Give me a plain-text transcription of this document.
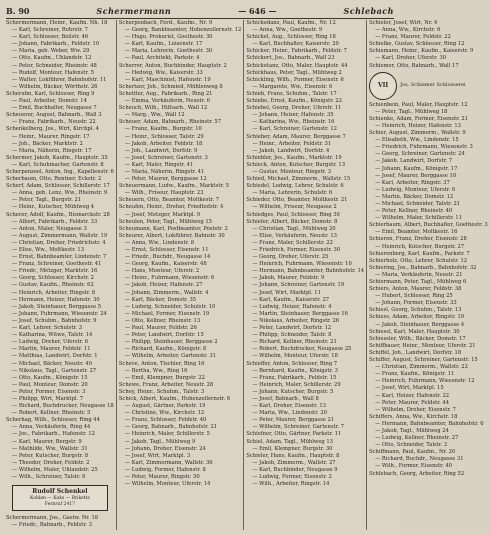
B. 90	Schermermann	— 646 —	Schlebach
Schermermann, Heinr., Kaufm. Nh. 18
— Karl, Schreiner, Rohrstr. 7
— Karl, Schlosser, Beilstr. 46
— Johann, Fabrikarb., Feldstr. 10
— Maria, geb. Weber, Ww. 29
— Otto, Kaufm., Uhlandstr. 12
— Peter, Schneider, Rheinstr. 48
— Rudolf, Monteur, Hafenstr. 5
— Walter, Lokführer, Bahnhofstr. 11
— Wilhelm, Bäcker, Wörthstr. 26
Scheruhn, Karl, Schlosser, Ring 9
— Paul, Arbeiter, Domstr. 14
— Emil, Buchhalter, Neugasse 7
Scheuerer, August, Bahnarb., Wall 3
— Franz, Fabrikarb., Neustr. 22
Schenkelberg, Jos., Wirt, Kirchpl. 4
— Heinr., Maurer, Ringstr. 17
— Joh., Bäcker, Marktstr. 2
— Maria, Näherin, Ringstr. 17
Schermer, Jakob, Kaufm., Hauptstr. 35
— Karl, Schuhmacher, Gartenstr. 8
Scherpenzeel, Anton, Ing., Kapellenstr. 6
Scherbaum, Otto, Rentner, Eckstr. 2
Scherf, Adam, Schlosser, Schillerstr. 17
— Anna, geb. Lenz, Ww., Rheinstr. 9
— Peter, Tagl., Burgstr. 21
— Heinr., Kutscher, Mühlweg 4
Scherer, Adolf, Kaufm., Bismarckstr. 28
— Albert, Fabrikarb., Feldstr. 33
— Anton, Maler, Neugasse 3
— August, Zimmermann, Wallstr. 19
— Christian, Dreher, Friedrichstr. 4
— Elise, Ww., Moltkestr. 13
— Ernst, Bahnbeamter, Lindenstr. 7
— Franz, Schreiner, Goethestr. 41
— Friedr., Metzger, Marktstr. 16
— Georg, Schlosser, Kirchstr. 2
— Gustav, Kaufm., Rheinstr. 62
— Heinrich, Arbeiter, Ringstr. 8
— Hermann, Heizer, Hafenstr. 30
— Jakob, Steinhauer, Berggasse 5
— Johann, Fuhrmann, Wiesenstr. 24
— Josef, Schuhm., Bahnhofstr. 9
— Karl, Lehrer, Schulstr. 3
— Katharina, Witwe, Talstr. 14
— Ludwig, Dreher, Uferstr. 6
— Martin, Maurer, Feldstr. 11
— Matthias, Landwirt, Dorfstr. 1
— Michael, Bäcker, Neustr. 40
— Nikolaus, Tagl., Gartenstr. 27
— Otto, Kaufm., Königstr. 15
— Paul, Monteur, Domstr. 20
— Peter, Former, Eisenstr. 3
— Philipp, Wirt, Marktpl. 7
— Richard, Buchdrucker, Neugasse 18
— Robert, Kellner, Rheinstr. 5
Scherhag, Wilh., Schlosser, Ring 44
— Anna, Verkäuferin, Ring 44
— Jos., Fabrikarb., Hafenstr. 12
— Karl, Maurer, Bergstr. 9
— Mathilde, Ww., Wallstr. 31
— Peter, Kutscher, Burgstr. 8
— Theodor, Dreher, Feldstr. 2
— Wilhelm, Maler, Uhlandstr. 25
— Wilh., Schreiner, Talstr. 6
Rudolf Schenkel
Kohlen — Koks — Briketts
Fernruf 2417
Schermermann, Jos., Gastw. Nr. 18
— Friedr., Bahnarb., Feldstr. 3
Scherpenbach, Ferd., Kaufm., Nr. 9
— Georg, Bankbeamter, Hohenzollernstr. 12
— Hugo, Prokurist, Goethestr. 30
— Karl, Kaufm., Luisenstr. 17
— Maria, Lehrerin, Goethestr. 30
— Paul, Architekt, Parkstr. 4
Scherrer, Anton, Buchbinder, Hauptstr. 2
— Hedwig, Ww., Kaiserstr. 33
— Karl, Maschinist, Hafenstr. 19
Schertzer, Joh., Schmied, Mühlenweg 8
Schettler, Aug., Fabrikarb., Ring 21
— Emma, Verkäuferin, Neustr. 6
Scheuch, Wilh., Hilfsarb., Wall 12
— Marg., Ww., Wall 12
Scheuer, Adam, Bahnarb., Rheinstr. 57
— Franz, Kaufm., Burgstr. 10
— Heinr., Schlosser, Talstr. 29
— Jakob, Arbeiter, Feldstr. 18
— Joh., Landwirt, Dorfstr. 9
— Josef, Schreiner, Gartenstr. 3
— Karl, Maler, Ringstr. 41
— Maria, Näherin, Ringstr. 41
— Peter, Maurer, Berggasse 12
Scheuermann, Ludw., Kaufm., Marktstr. 5
— Wilh., Friseur, Hauptstr. 23
Scheuern, Otto, Beamter, Moltkestr. 7
Scheufen, Heinr., Dreher, Friedhofstr. 4
— Josef, Metzger, Marktpl. 9
Scheulen, Peter, Tagl., Mühlweg 15
Scheumann, Karl, Postbeamter, Poststr. 2
Scheurer, Albert, Lokführer, Bahnstr. 30
— Anna, Ww., Lindenstr. 8
— Ernst, Schlosser, Eisenstr. 11
— Friedr., Buchdr., Neugasse 14
— Georg, Kaufm., Kaiserstr. 48
— Hans, Monteur, Uferstr. 2
— Heinr., Fuhrmann, Wiesenstr. 6
— Jakob, Heizer, Hafenstr. 27
— Johann, Zimmerm., Wallstr. 4
— Karl, Bäcker, Domstr. 35
— Ludwig, Schneider, Schulstr. 10
— Michael, Former, Eisenstr. 19
— Otto, Kellner, Rheinstr. 13
— Paul, Maurer, Feldstr. 26
— Peter, Landwirt, Dorfstr. 15
— Philipp, Steinhauer, Berggasse 2
— Richard, Kaufm., Königstr. 8
— Wilhelm, Arbeiter, Gartenstr. 31
Scheve, Anton, Tischler, Ring 16
— Bertha, Ww., Ring 16
— Emil, Klempner, Burgstr. 22
Schewe, Franz, Arbeiter, Neustr. 28
Schey, Heinr., Schuhm., Talstr. 3
Schick, Albert, Kaufm., Hohenzollernstr. 6
— August, Gärtner, Parkstr. 19
— Christine, Ww., Kirchstr. 12
— Franz, Schlosser, Feldstr. 40
— Georg, Bahnarb., Bahnhofstr. 21
— Heinrich, Maler, Schillerstr. 5
— Jakob, Tagl., Mühlweg 9
— Johann, Dreher, Eisenstr. 24
— Josef, Wirt, Marktpl. 3
— Karl, Zimmermann, Wallstr. 36
— Ludwig, Former, Hafenstr. 8
— Peter, Maurer, Ringstr. 50
— Wilhelm, Monteur, Uferstr. 14
Schickedanz, Paul, Kaufm., Nr. 12
— Anna, Ww., Goethestr. 9
Schickel, Aug., Schlosser, Ring 18
— Karl, Buchhalter, Kaiserstr. 20
Schicker, Heinr., Fabrikarb., Feldstr. 7
Schickert, Jos., Bahnarb., Wall 23
Schicketanz, Otto, Maler, Hauptstr. 44
Schickhaus, Peter, Tagl., Mühlweg 2
Schickling, Wilh., Former, Eisenstr. 6
— Margarete, Ww., Eisenstr. 6
Schieb, Franz, Schuhm., Talstr. 17
Schiebe, Ernst, Kaufm., Königstr. 22
Schiebel, Georg, Dreher, Uferstr. 11
— Johann, Heizer, Hafenstr. 35
— Katharina, Ww., Rheinstr. 16
— Karl, Schreiner, Gartenstr. 12
Schieber, Adam, Maurer, Berggasse 7
— Heinr., Arbeiter, Feldstr. 31
— Jakob, Landwirt, Dorfstr. 4
Schiebler, Jos., Kaufm., Marktstr. 19
Schieck, Anton, Kutscher, Burgstr. 13
— Gustav, Monteur, Ringstr. 3
Schied, Michael, Zimmerm., Wallstr. 15
Schiedel, Ludwig, Lehrer, Schulstr. 6
— Maria, Lehrerin, Schulstr. 6
Schieder, Otto, Beamter, Moltkestr. 21
— Wilhelm, Friseur, Neugasse 2
Schiedges, Paul, Schlosser, Ring 30
Schiefer, Albert, Bäcker, Domstr. 8
— Christian, Tagl., Mühlweg 20
— Elise, Verkäuferin, Neustr. 13
— Franz, Maler, Schillerstr. 22
— Friedrich, Former, Eisenstr. 30
— Georg, Dreher, Uferstr. 25
— Heinrich, Fuhrmann, Wiesenstr. 10
— Hermann, Bahnbeamter, Bahnhofstr. 14
— Jakob, Maurer, Feldstr. 9
— Johann, Schreiner, Gartenstr. 19
— Josef, Wirt, Marktpl. 11
— Karl, Kaufm., Kaiserstr. 27
— Ludwig, Heizer, Hafenstr. 4
— Martin, Steinhauer, Berggasse 16
— Nikolaus, Arbeiter, Ringstr. 26
— Peter, Landwirt, Dorfstr. 12
— Philipp, Schneider, Talstr. 8
— Richard, Kellner, Rheinstr. 21
— Robert, Buchdrucker, Neugasse 25
— Wilhelm, Monteur, Uferstr. 18
Schieffer, Anton, Schlosser, Ring 7
— Bernhard, Kaufm., Königstr. 3
— Franz, Fabrikarb., Feldstr. 15
— Heinrich, Maler, Schillerstr. 29
— Johann, Kutscher, Burgstr. 5
— Josef, Bahnarb., Wall 8
— Karl, Dreher, Eisenstr. 13
— Maria, Ww., Lindenstr. 20
— Peter, Maurer, Berggasse 21
— Wilhelm, Schreiner, Gartenstr. 7
Schiefner, Otto, Gärtner, Parkstr. 11
Schiel, Adam, Tagl., Mühlweg 13
— Emil, Klempner, Burgstr. 30
Schieler, Hans, Kaufm., Hauptstr. 8
— Jakob, Zimmerm., Wallstr. 27
— Karl, Buchbinder, Neugasse 9
— Ludwig, Former, Eisenstr. 2
— Wilh., Arbeiter, Ringstr. 14
Schieler, Josef, Wirt, Nr. 4
— Anna, Ww., Kirchstr. 6
— Franz, Maurer, Feldstr. 22
Schielke, Gustav, Schlosser, Ring 12
Schiemann, Heinr., Kaufm., Kaiserstr. 9
— Karl, Dreher, Uferstr. 30
Schiemer, Otto, Bahnarb., Wall 17
VII	Jos. Schiemer Schlosserei
Schienbein, Paul, Maler, Hauptstr. 12
— Peter, Tagl., Mühlweg 18
Schienke, Adam, Former, Eisenstr. 21
— Heinrich, Heizer, Hafenstr. 13
Schier, August, Zimmerm., Wallstr. 9
— Elisabeth, Ww., Lindenstr. 15
— Friedrich, Fuhrmann, Wiesenstr. 3
— Georg, Schreiner, Gartenstr. 24
— Jakob, Landwirt, Dorfstr. 7
— Johann, Kaufm., Königstr. 17
— Josef, Maurer, Berggasse 10
— Karl, Arbeiter, Ringstr. 37
— Ludwig, Monteur, Uferstr. 6
— Martin, Bäcker, Domstr. 12
— Michael, Schneider, Talstr. 21
— Peter, Kellner, Rheinstr. 40
— Wilhelm, Maler, Schillerstr. 11
Schierbaum, Albert, Buchhalter, Goethestr. 3
— Emil, Beamter, Moltkestr. 16
Schieren, Franz, Dreher, Eisenstr. 28
— Heinrich, Kutscher, Burgstr. 27
Schierenberg, Karl, Kaufm., Parkstr. 7
Schierholz, Otto, Lehrer, Schulstr. 12
Schiering, Jos., Bahnarb., Bahnhofstr. 32
— Maria, Verkäuferin, Neustr. 21
Schiermann, Peter, Tagl., Mühlweg 6
Schiers, Anton, Maurer, Feldstr. 38
— Hubert, Schlosser, Ring 25
— Johann, Former, Eisenstr. 33
Schiesl, Georg, Schuhm., Talstr. 13
Schiess, Adam, Arbeiter, Ringstr. 19
— Jakob, Steinhauer, Berggasse 4
Schiessl, Karl, Maler, Hauptstr. 30
Schiessler, Wilh., Bäcker, Domstr. 17
Schiffbauer, Heinr., Monteur, Uferstr. 21
Schiffel, Joh., Landwirt, Dorfstr. 18
Schiffer, August, Schreiner, Gartenstr. 15
— Christian, Zimmerm., Wallstr. 22
— Franz, Kaufm., Königstr. 11
— Heinrich, Fuhrmann, Wiesenstr. 12
— Josef, Wirt, Marktpl. 15
— Karl, Heizer, Hafenstr. 22
— Peter, Maurer, Feldstr. 44
— Wilhelm, Dreher, Eisenstr. 7
Schiffers, Anna, Ww., Kirchstr. 18
— Hermann, Bahnbeamter, Bahnhofstr. 6
— Jakob, Tagl., Mühlweg 24
— Ludwig, Kellner, Rheinstr. 27
— Otto, Schneider, Talstr. 2
Schiffmann, Paul, Kaufm., Nr. 20
— Richard, Buchdr., Neugasse 31
— Wilh., Former, Eisenstr. 40
Schlebach, Georg, Arbeiter, Ring 52
